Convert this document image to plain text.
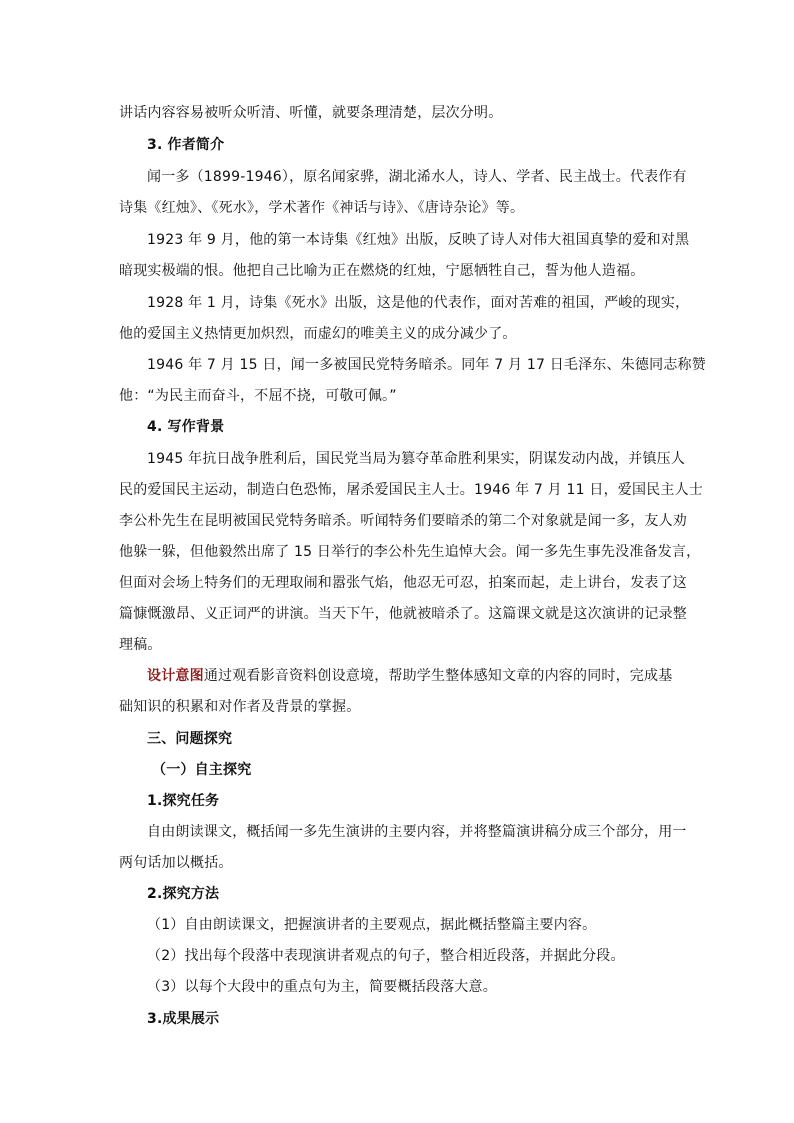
讲话内容容易被听众听清、听懂，就要条理清楚，层次分明。
3. 作者简介
闻一多（1899-1946），原名闻家骅，湖北浠水人，诗人、学者、民主战士。代表作有
诗集《红烛》、《死水》，学术著作《神话与诗》、《唐诗杂论》等。
1923 年 9 月，他的第一本诗集《红烛》出版，反映了诗人对伟大祖国真挚的爱和对黑
暗现实极端的恨。他把自己比喻为正在燃烧的红烛，宁愿牺牲自己，誓为他人造福。
1928 年 1 月，诗集《死水》出版，这是他的代表作，面对苦难的祖国，严峻的现实，
他的爱国主义热情更加炽烈，而虚幻的唯美主义的成分减少了。
1946 年 7 月 15 日，闻一多被国民党特务暗杀。同年 7 月 17 日毛泽东、朱德同志称赞
他：“为民主而奋斗，不屈不挠，可敬可佩。”
4. 写作背景
1945 年抗日战争胜利后，国民党当局为篡夺革命胜利果实，阴谋发动内战，并镇压人
民的爱国民主运动，制造白色恐怖，屠杀爱国民主人士。1946 年 7 月 11 日，爱国民主人士
李公朴先生在昆明被国民党特务暗杀。听闻特务们要暗杀的第二个对象就是闻一多，友人劝
他躲一躲，但他毅然出席了 15 日举行的李公朴先生追悼大会。闻一多先生事先没准备发言，
但面对会场上特务们的无理取闹和嚣张气焰，他忍无可忍，拍案而起，走上讲台，发表了这
篇慷慨激昂、义正词严的讲演。当天下午，他就被暗杀了。这篇课文就是这次演讲的记录整
理稿。
设计意图通过观看影音资料创设意境，帮助学生整体感知文章的内容的同时，完成基
础知识的积累和对作者及背景的掌握。
三、问题探究
（一）自主探究
1.探究任务
自由朗读课文，概括闻一多先生演讲的主要内容，并将整篇演讲稿分成三个部分，用一
两句话加以概括。
2.探究方法
（1）自由朗读课文，把握演讲者的主要观点，据此概括整篇主要内容。
（2）找出每个段落中表现演讲者观点的句子，整合相近段落，并据此分段。
（3）以每个大段中的重点句为主，简要概括段落大意。
3.成果展示
